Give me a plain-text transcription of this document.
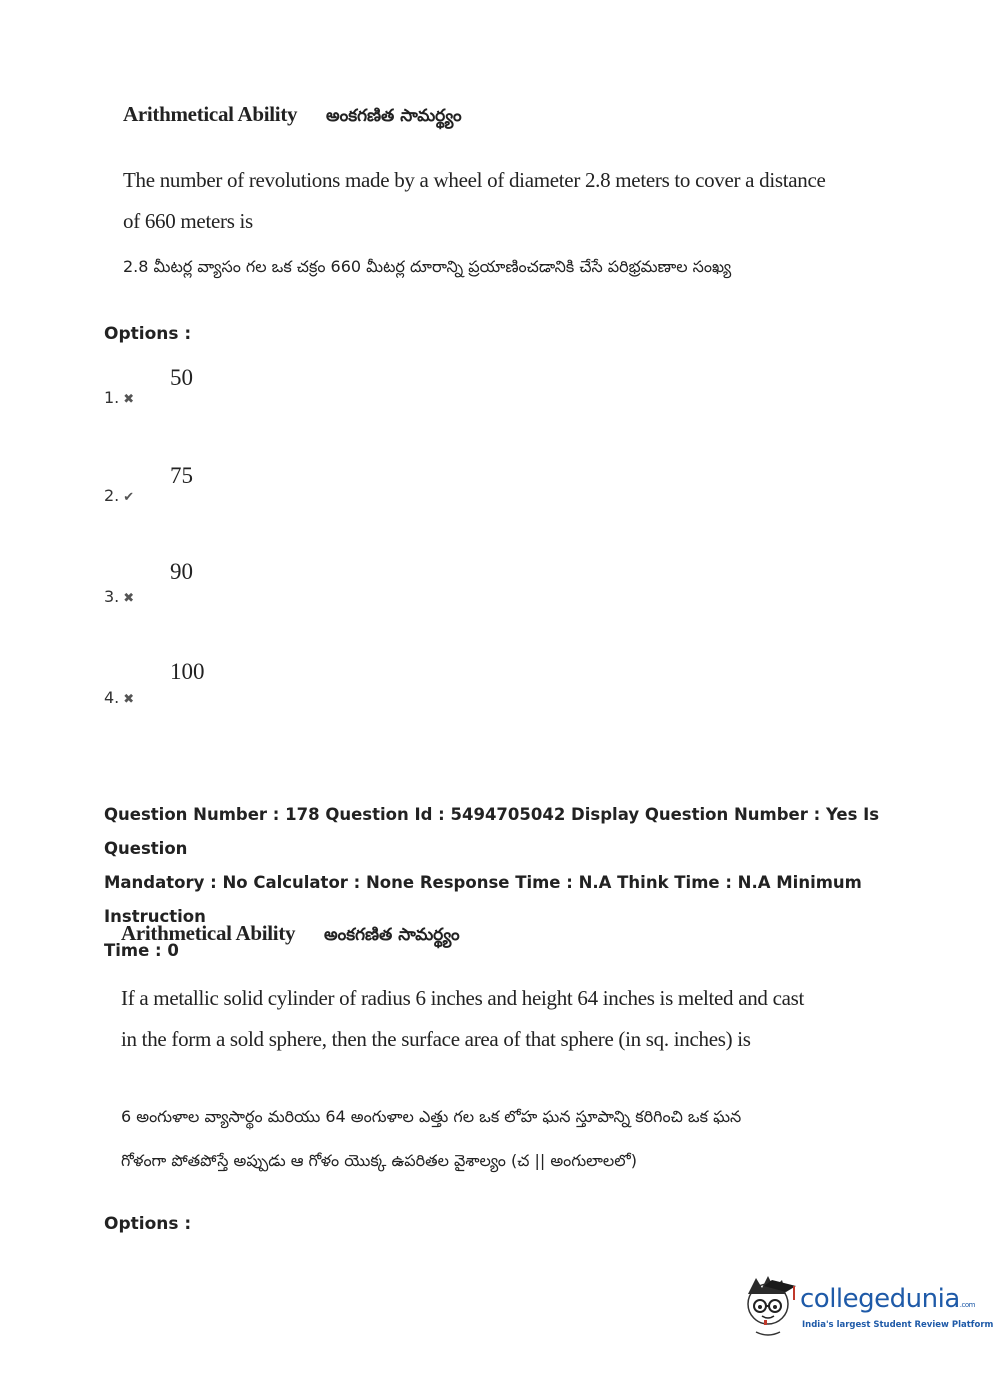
Arithmetical Ability అంకగణిత సామర్థ్యం
The number of revolutions made by a wheel of diameter 2.8 meters to cover a distance
of 660 meters is
2.8 మీటర్ల వ్యాసం గల ఒక చక్రం 660 మీటర్ల దూరాన్ని ప్రయాణించడానికి చేసే పరిభ్రమణాల సంఖ్య
Options :
1. ✖
50
2. ✔
75
3. ✖
90
4. ✖
100
Question Number : 178 Question Id : 5494705042 Display Question Number : Yes Is Question
Mandatory : No Calculator : None Response Time : N.A Think Time : N.A Minimum Instruction
Time : 0
Arithmetical Ability అంకగణిత సామర్థ్యం
If a metallic solid cylinder of radius 6 inches and height 64 inches is melted and cast
in the form a sold sphere, then the surface area of that sphere (in sq. inches) is
6 అంగుళాల వ్యాసార్థం మరియు 64 అంగుళాల ఎత్తు గల ఒక లోహ ఘన స్తూపాన్ని కరిగించి ఒక ఘన
గోళంగా పోతపోస్తే అప్పుడు ఆ గోళం యొక్క ఉపరితల వైశాల్యం (చ || అంగులాలలో)
Options :
collegedunia.com
India's largest Student Review Platform
